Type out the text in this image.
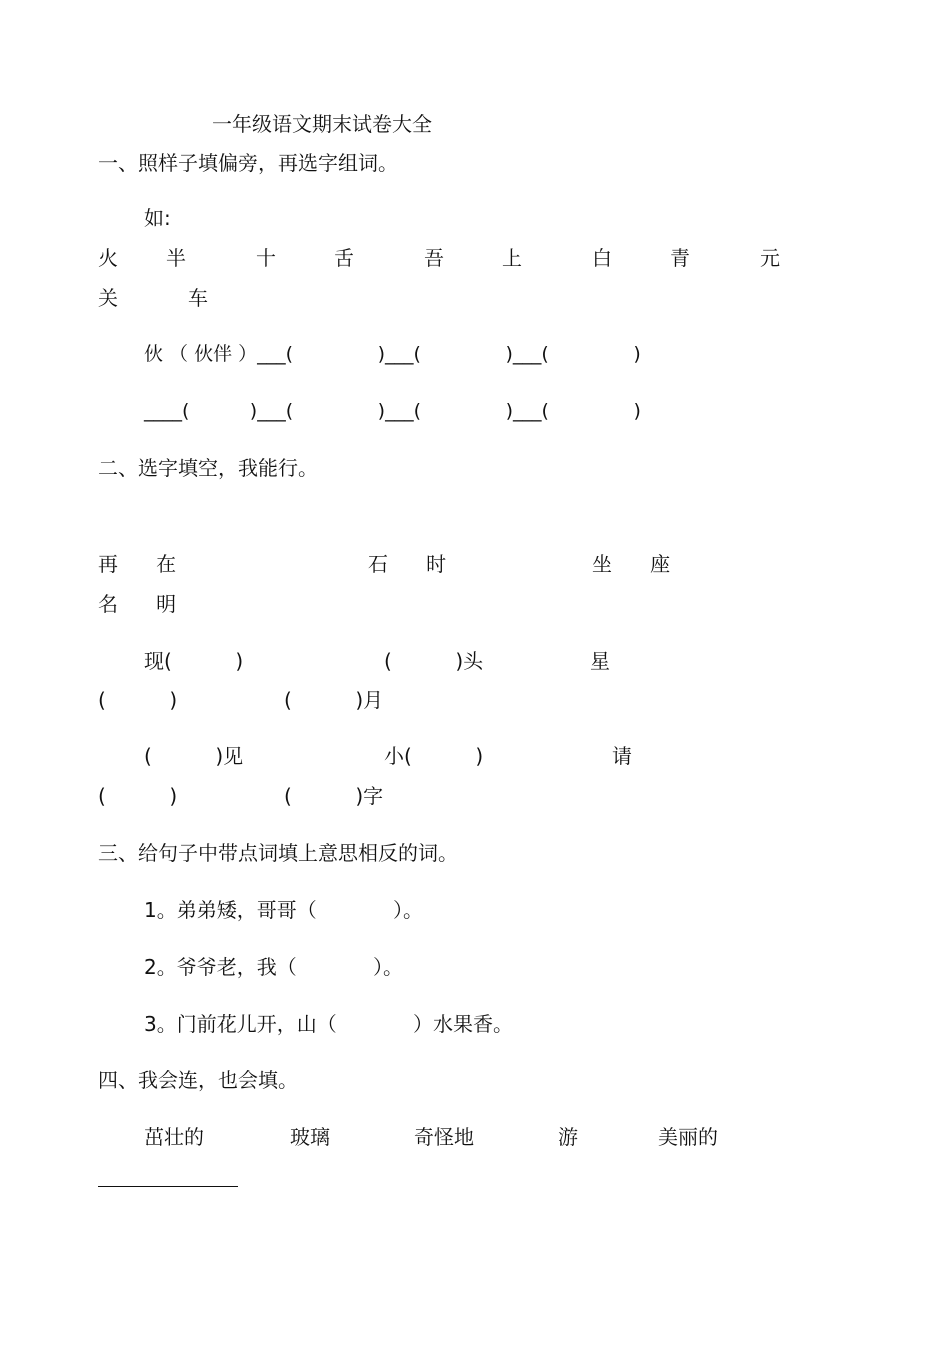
一年级语文期末试卷大全
一、照样子填偏旁，再选字组词。
如:
火 半	十	舌	吾	上	白	青	元
关	车
伙 （ 伙伴 ）___(              )___(              )___(              )
____(          )___(              )___(              )___(              )
二、选字填空，我能行。
再      在	石      时	坐      座
名      明
现(          )	(          )头	星
(          )	(          )月
(          )见	小(          )	请
(          )	(          )字
三、给句子中带点词填上意思相反的词。
1。弟弟矮，哥哥（            ）。
2。爷爷老，我（            ）。
3。门前花儿开，山（            ）水果香。
四、我会连，也会填。
茁壮的	玻璃	奇怪地	游	美丽的
